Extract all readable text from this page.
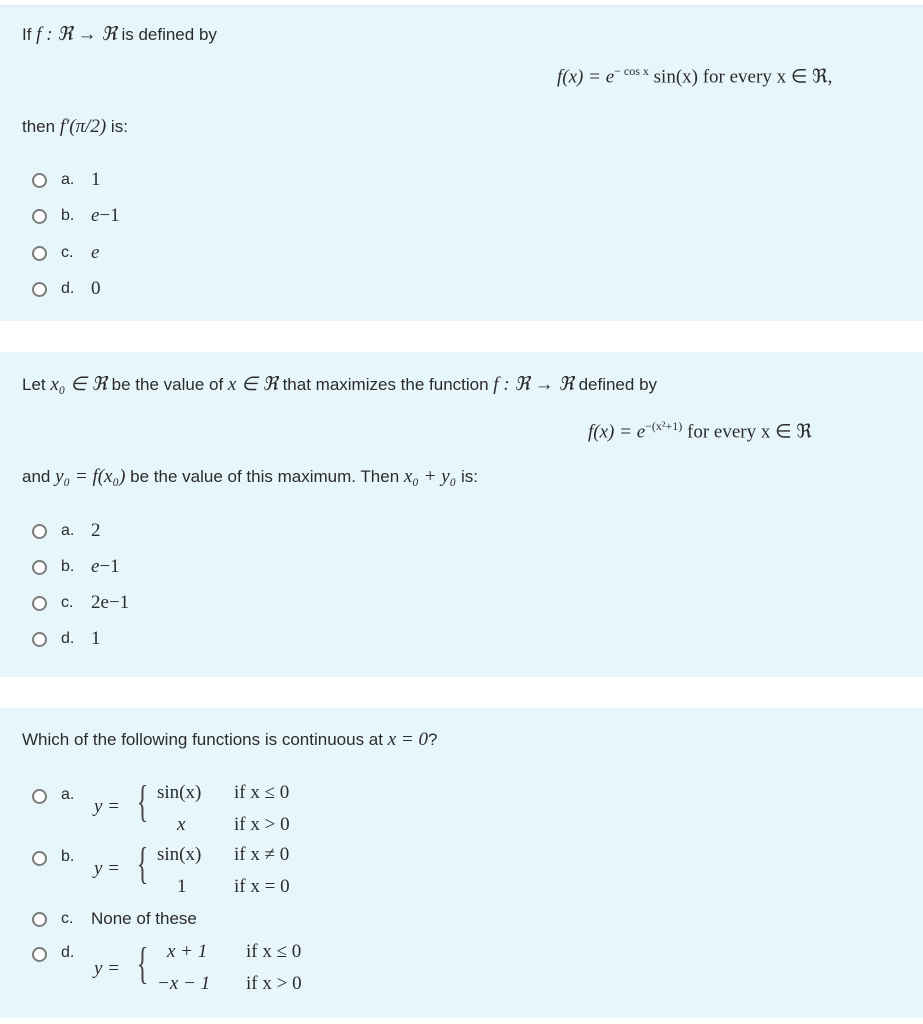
If f : ℜ → ℜ is defined by
$f(x) = e^{- cos x}$ sin(x) for every x ∈ ℜ,
then f′(π/2) is:
a. 1
b. e −1
c. e
d. 0
Let x₀ ∈ ℜ be the value of x ∈ ℜ that maximizes the function f : ℜ → ℜ defined by
$f(x) = e^{-(x^2+1)}$ for every x ∈ ℜ
and y₀ = f(x₀) be the value of this maximum. Then x₀ + y₀ is:
a. 2
b. e −1
c. 2e −1
d. 1
Which of the following functions is continuous at x = 0?
a.
y = { sin(x)
x
if x ≤ 0
if x > 0
b.
y = { sin(x)
1
if x ≠ 0
if x = 0
c.	None of these
d.
y = { x + 1
−x − 1
if x ≤ 0
if x > 0
